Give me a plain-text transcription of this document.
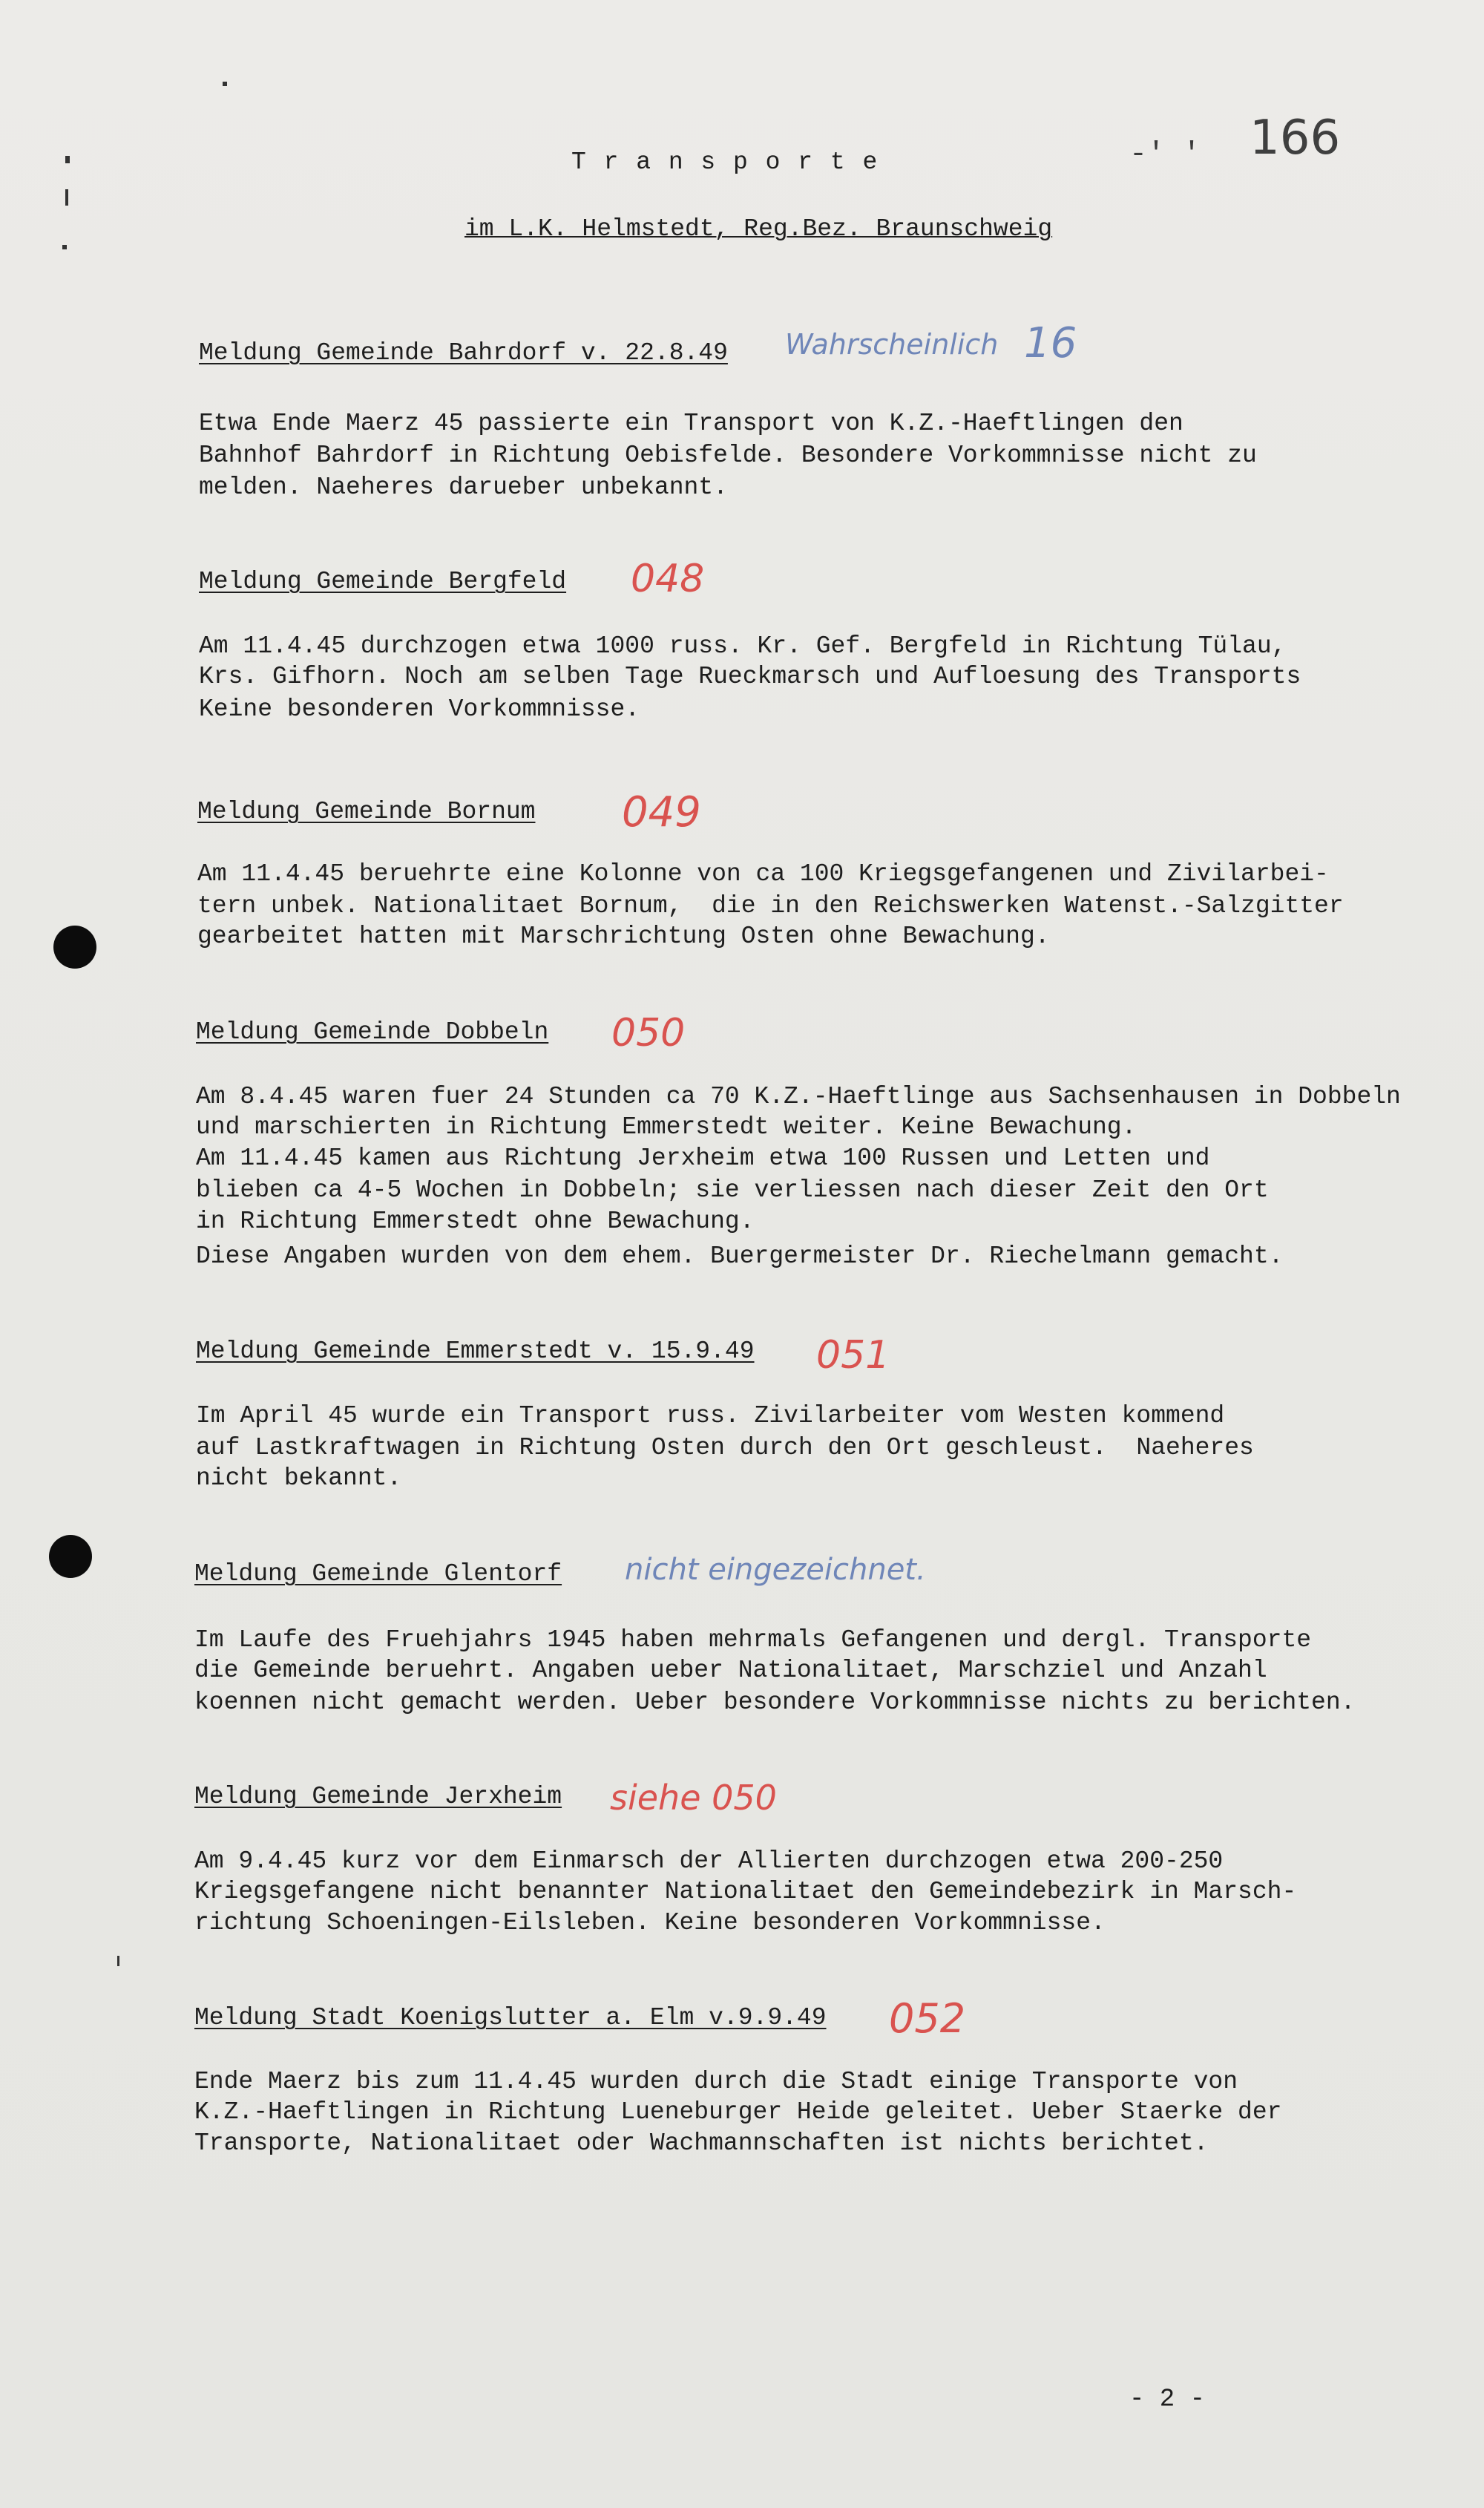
T r a n s p o r t e
im L.K. Helmstedt, Reg.Bez. Braunschweig
-' ' 166
Meldung Gemeinde Bahrdorf v. 22.8.49 Wahrscheinlich 16
Etwa Ende Maerz 45 passierte ein Transport von K.Z.-Haeftlingen den
Bahnhof Bahrdorf in Richtung Oebisfelde. Besondere Vorkommnisse nicht zu
melden. Naeheres darueber unbekannt.
Meldung Gemeinde Bergfeld 048
Am 11.4.45 durchzogen etwa 1000 russ. Kr. Gef. Bergfeld in Richtung Tülau,
Krs. Gifhorn. Noch am selben Tage Rueckmarsch und Aufloesung des Transports
Keine besonderen Vorkommnisse.
Meldung Gemeinde Bornum 049
Am 11.4.45 beruehrte eine Kolonne von ca 100 Kriegsgefangenen und Zivilarbei-
tern unbek. Nationalitaet Bornum,  die in den Reichswerken Watenst.-Salzgitter
gearbeitet hatten mit Marschrichtung Osten ohne Bewachung.
Meldung Gemeinde Dobbeln 050
Am 8.4.45 waren fuer 24 Stunden ca 70 K.Z.-Haeftlinge aus Sachsenhausen in Dobbeln
und marschierten in Richtung Emmerstedt weiter. Keine Bewachung.
Am 11.4.45 kamen aus Richtung Jerxheim etwa 100 Russen und Letten und
blieben ca 4-5 Wochen in Dobbeln; sie verliessen nach dieser Zeit den Ort
in Richtung Emmerstedt ohne Bewachung.
Diese Angaben wurden von dem ehem. Buergermeister Dr. Riechelmann gemacht.
Meldung Gemeinde Emmerstedt v. 15.9.49 051
Im April 45 wurde ein Transport russ. Zivilarbeiter vom Westen kommend
auf Lastkraftwagen in Richtung Osten durch den Ort geschleust.  Naeheres
nicht bekannt.
Meldung Gemeinde Glentorf nicht eingezeichnet.
Im Laufe des Fruehjahrs 1945 haben mehrmals Gefangenen und dergl. Transporte
die Gemeinde beruehrt. Angaben ueber Nationalitaet, Marschziel und Anzahl
koennen nicht gemacht werden. Ueber besondere Vorkommnisse nichts zu berichten.
Meldung Gemeinde Jerxheim siehe 050
Am 9.4.45 kurz vor dem Einmarsch der Allierten durchzogen etwa 200-250
Kriegsgefangene nicht benannter Nationalitaet den Gemeindebezirk in Marsch-
richtung Schoeningen-Eilsleben. Keine besonderen Vorkommnisse.
Meldung Stadt Koenigslutter a. Elm v.9.9.49 052
Ende Maerz bis zum 11.4.45 wurden durch die Stadt einige Transporte von
K.Z.-Haeftlingen in Richtung Lueneburger Heide geleitet. Ueber Staerke der
Transporte, Nationalitaet oder Wachmannschaften ist nichts berichtet.
- 2 -
